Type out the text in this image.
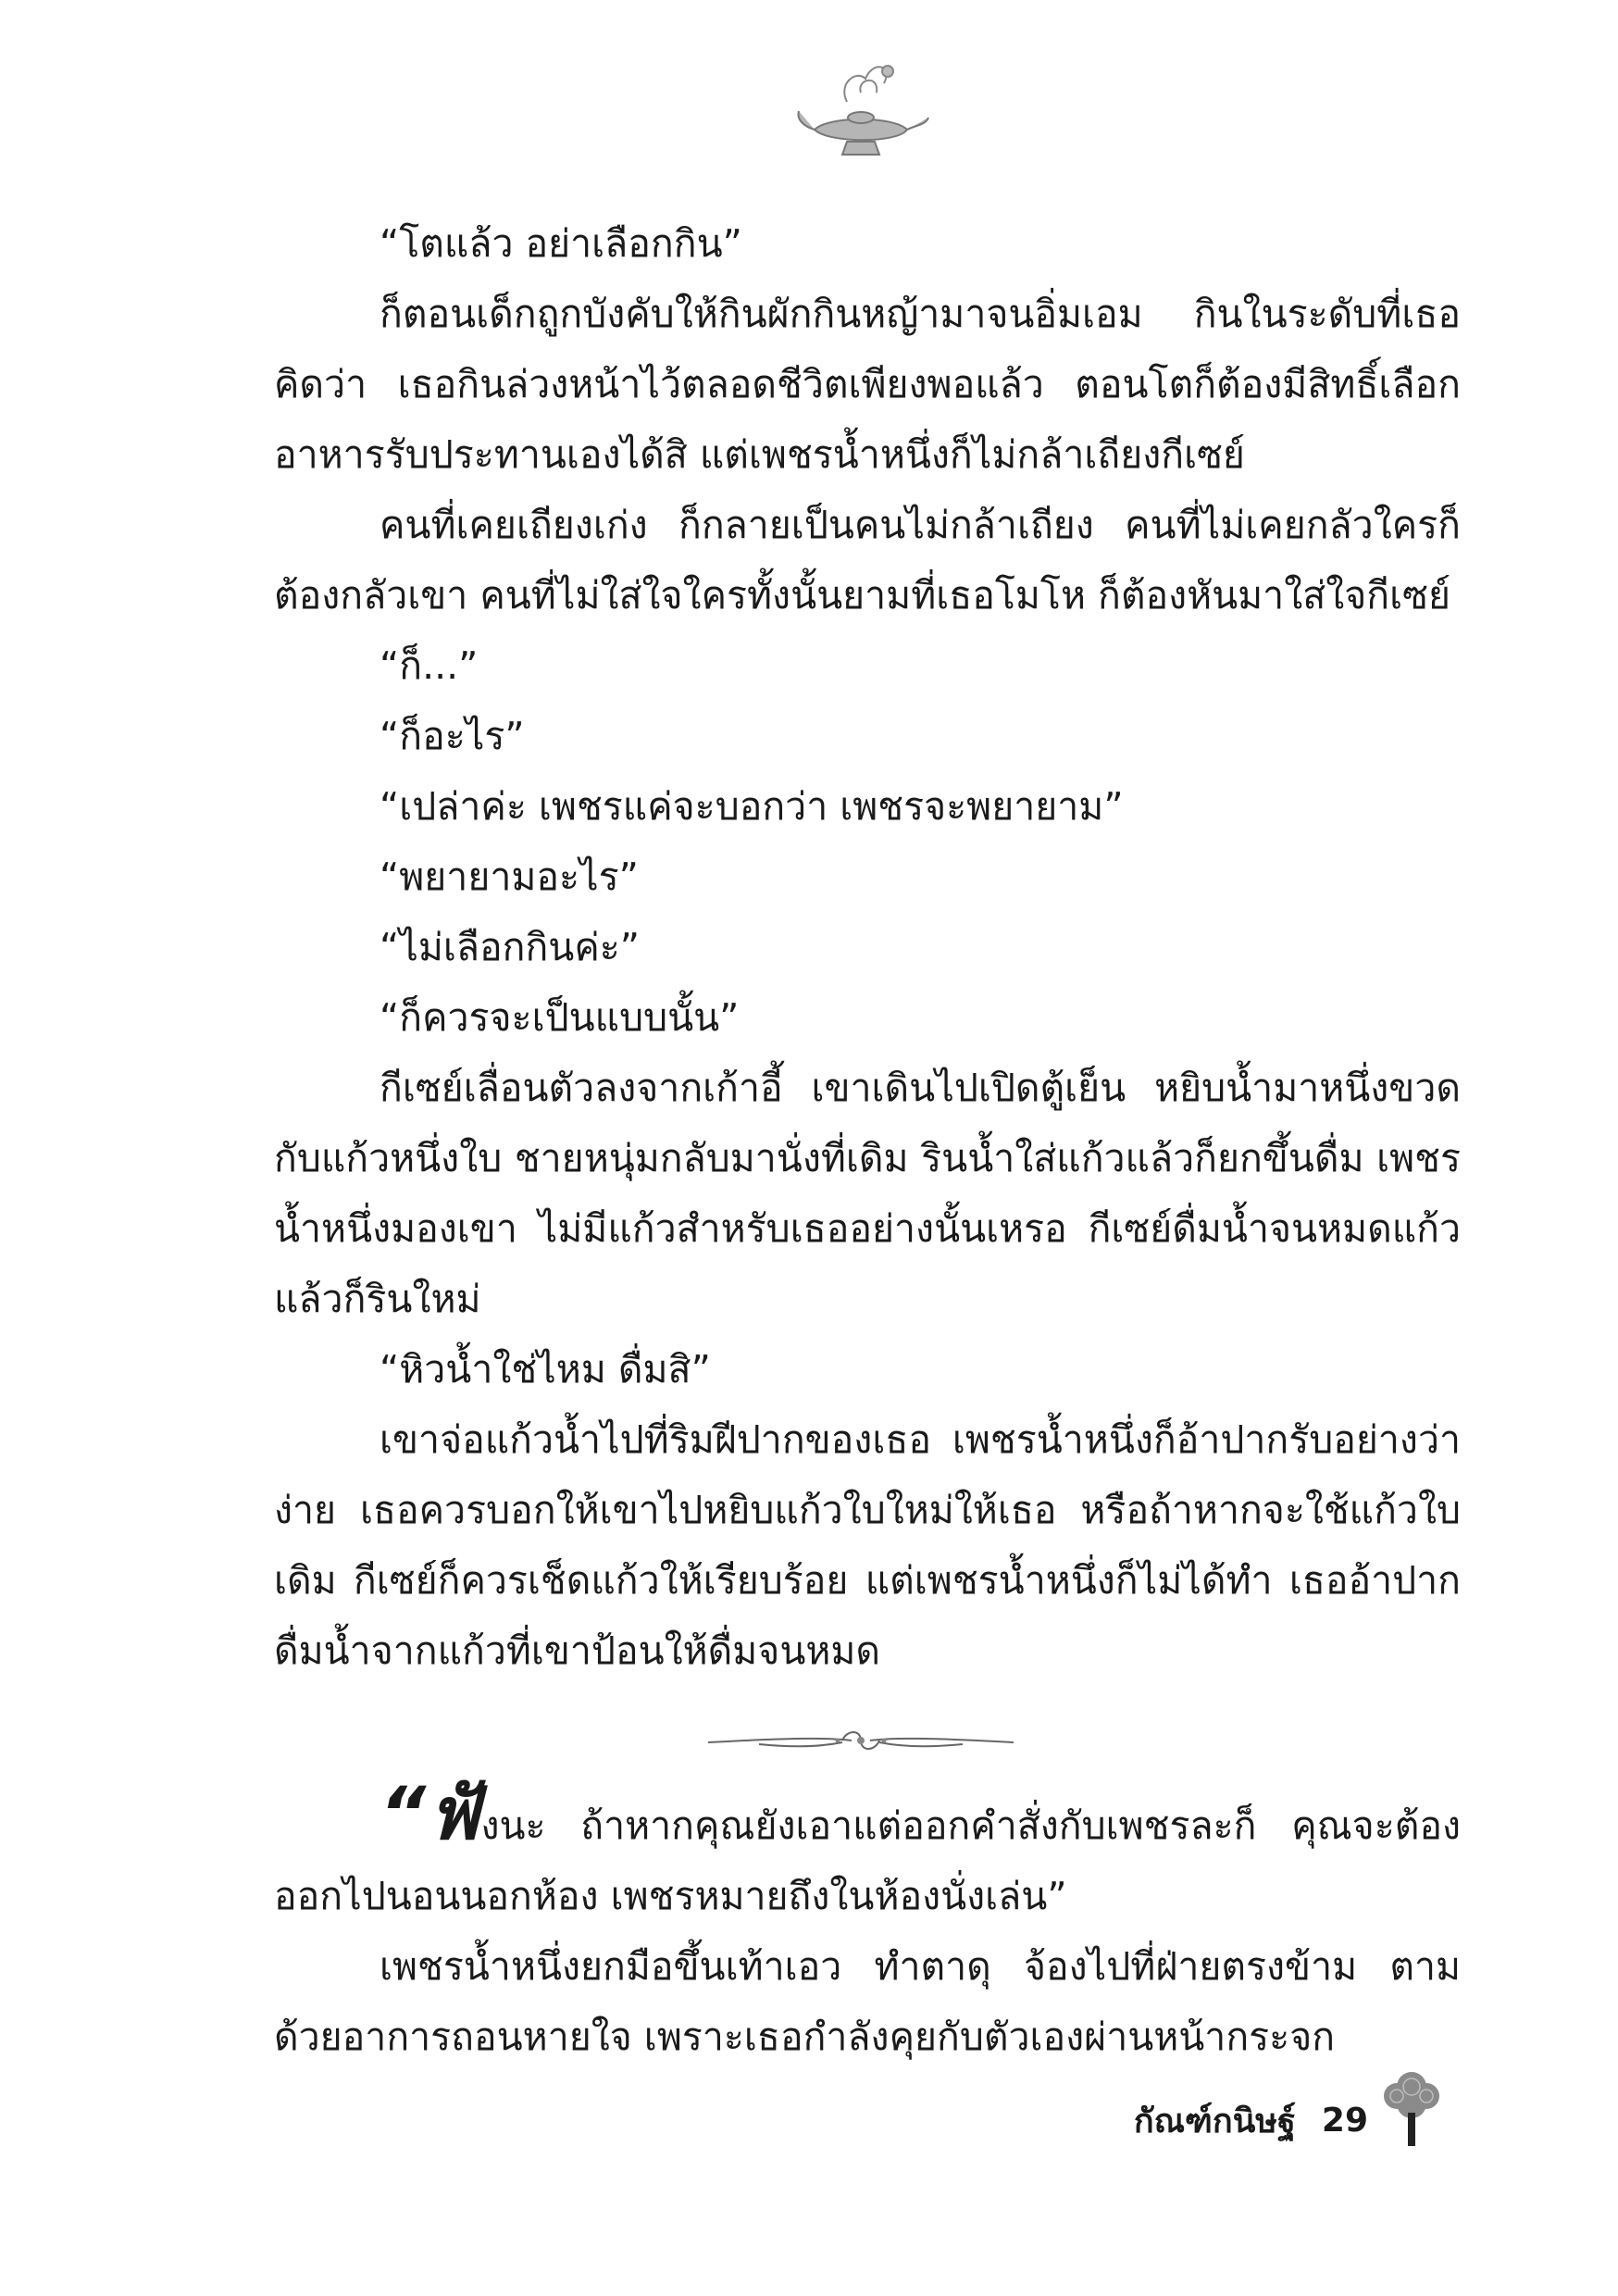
“โตแล้ว อย่าเลือกกิน”

ก็ตอนเด็กถูกบังคับให้กินผักกินหญ้ามาจนอิ่มเอม กินในระดับที่เธอคิดว่า เธอกินล่วงหน้าไว้ตลอดชีวิตเพียงพอแล้ว ตอนโตก็ต้องมีสิทธิ์เลือกอาหารรับประทานเองได้สิ แต่เพชรน้ำหนึ่งก็ไม่กล้าเถียงกีเซย์

คนที่เคยเถียงเก่ง ก็กลายเป็นคนไม่กล้าเถียง คนที่ไม่เคยกลัวใครก็ต้องกลัวเขา คนที่ไม่ใส่ใจใครทั้งนั้นยามที่เธอโมโห ก็ต้องหันมาใส่ใจกีเซย์

“ก็...”

“ก็อะไร”

“เปล่าค่ะ เพชรแค่จะบอกว่า เพชรจะพยายาม”

“พยายามอะไร”

“ไม่เลือกกินค่ะ”

“ก็ควรจะเป็นแบบนั้น”

กีเซย์เลื่อนตัวลงจากเก้าอี้ เขาเดินไปเปิดตู้เย็น หยิบน้ำมาหนึ่งขวดกับแก้วหนึ่งใบ ชายหนุ่มกลับมานั่งที่เดิม รินน้ำใส่แก้วแล้วก็ยกขึ้นดื่ม เพชรน้ำหนึ่งมองเขา ไม่มีแก้วสำหรับเธออย่างนั้นเหรอ กีเซย์ดื่มน้ำจนหมดแก้ว แล้วก็รินใหม่

“หิวน้ำใช่ไหม ดื่มสิ”

เขาจ่อแก้วน้ำไปที่ริมฝีปากของเธอ เพชรน้ำหนึ่งก็อ้าปากรับอย่างว่าง่าย เธอควรบอกให้เขาไปหยิบแก้วใบใหม่ให้เธอ หรือถ้าหากจะใช้แก้วใบเดิม กีเซย์ก็ควรเช็ดแก้วให้เรียบร้อย แต่เพชรน้ำหนึ่งก็ไม่ได้ทำ เธออ้าปากดื่มน้ำจากแก้วที่เขาป้อนให้ดื่มจนหมด

“ฟังนะ ถ้าหากคุณยังเอาแต่ออกคำสั่งกับเพชรละก็ คุณจะต้องออกไปนอนนอกห้อง เพชรหมายถึงในห้องนั่งเล่น”

เพชรน้ำหนึ่งยกมือขึ้นเท้าเอว ทำตาดุ จ้องไปที่ฝ่ายตรงข้าม ตามด้วยอาการถอนหายใจ เพราะเธอกำลังคุยกับตัวเองผ่านหน้ากระจก

กัณฑ์กนิษฐ์ 29
